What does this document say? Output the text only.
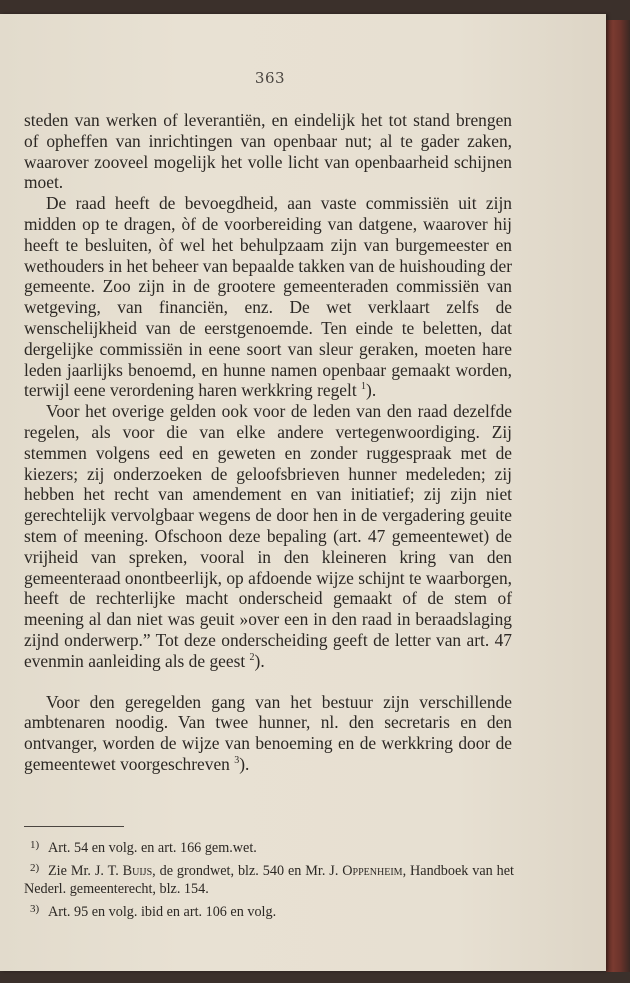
363

steden van werken of leverantiën, en eindelijk het tot stand brengen of opheffen van inrichtingen van openbaar nut; al te gader zaken, waarover zooveel mogelijk het volle licht van openbaarheid schijnen moet.

De raad heeft de bevoegdheid, aan vaste commissiën uit zijn midden op te dragen, òf de voorbereiding van datgene, waarover hij heeft te besluiten, òf wel het behulpzaam zijn van burgemeester en wethouders in het beheer van bepaalde takken van de huishouding der gemeente. Zoo zijn in de grootere gemeenteraden commissiën van wetgeving, van financiën, enz. De wet verklaart zelfs de wenschelijkheid van de eerstgenoemde. Ten einde te beletten, dat dergelijke commissiën in eene soort van sleur geraken, moeten hare leden jaarlijks benoemd, en hunne namen openbaar gemaakt worden, terwijl eene verordening haren werkkring regelt $^1$).

Voor het overige gelden ook voor de leden van den raad dezelfde regelen, als voor die van elke andere vertegenwoordiging. Zij stemmen volgens eed en geweten en zonder ruggespraak met de kiezers; zij onderzoeken de geloofsbrieven hunner medeleden; zij hebben het recht van amendement en van initiatief; zij zijn niet gerechtelijk vervolgbaar wegens de door hen in de vergadering geuite stem of meening. Ofschoon deze bepaling (art. 47 gemeentewet) de vrijheid van spreken, vooral in den kleineren kring van den gemeenteraad onontbeerlijk, op afdoende wijze schijnt te waarborgen, heeft de rechterlijke macht onderscheid gemaakt of de stem of meening al dan niet was geuit »over een in den raad in beraadslaging zijnd onderwerp.” Tot deze onderscheiding geeft de letter van art. 47 evenmin aanleiding als de geest $^2$).

Voor den geregelden gang van het bestuur zijn verschillende ambtenaren noodig. Van twee hunner, nl. den secretaris en den ontvanger, worden de wijze van benoeming en de werkkring door de gemeentewet voorgeschreven $^3$).

1) Art. 54 en volg. en art. 166 gem.wet.

2) Zie Mr. J. T. Buijs, de grondwet, blz. 540 en Mr. J. Oppenheim, Handboek van het Nederl. gemeenterecht, blz. 154.

3) Art. 95 en volg. ibid en art. 106 en volg.
